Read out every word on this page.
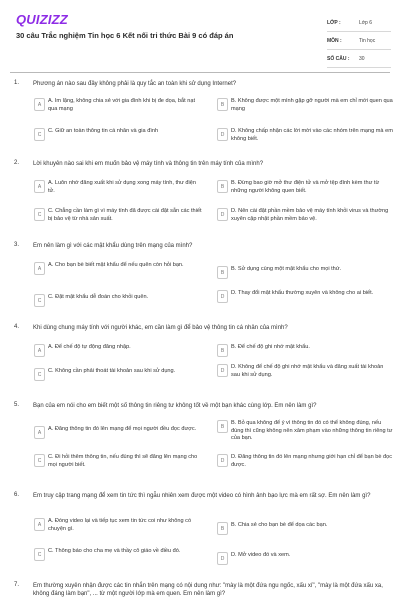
QUIZIZZ
30 câu Trắc nghiệm Tin học 6 Kết nối tri thức Bài 9 có đáp án
LỚP :	Lớp 6
MÔN :	Tin học
SỐ CÂU :	30
1. Phương án nào sau đây không phải là quy tắc an toàn khi sử dụng Internet?
A
A. Im lặng, không chia sẻ với gia đình khi bị đe dọa, bắt nạt qua mạng
B
B. Không được một mình gặp gỡ người mà em chỉ mới quen qua mạng
C
C. Giữ an toàn thông tin cá nhân và gia đình
D
D. Không chấp nhận các lời mời vào các nhóm trên mạng mà em không biết.
2. Lời khuyên nào sai khi em muốn bảo vệ máy tính và thông tin trên máy tính của mình?
A
A. Luôn nhớ đăng xuất khi sử dụng xong máy tính, thư điện tử.
B
B. Đừng bao giờ mở thư điện tử và mở tệp đính kèm thư từ những người không quen biết.
C
C. Chẳng cần làm gì vì máy tính đã được cài đặt sẵn các thiết bị bảo vệ từ nhà sản xuất.
D
D. Nên cài đặt phần mềm bảo vệ máy tính khỏi virus và thường xuyên cập nhật phần mềm bảo vệ.
3. Em nên làm gì với các mật khẩu dùng trên mạng của mình?
A
A. Cho bạn bè biết mật khẩu để nếu quên còn hỏi bạn.
B
B. Sử dụng cùng một mật khẩu cho mọi thứ.
C
C. Đặt mật khẩu dễ đoán cho khỏi quên.	D
D. Thay đổi mật khẩu thường xuyên và không cho ai biết.
4. Khi dùng chung máy tính với người khác, em cần làm gì để bảo vệ thông tin cá nhân của mình?
A
A. Để chế độ tự động đăng nhập.
B
B. Để chế độ ghi nhớ mật khẩu.
C
C. Không cần phải thoát tài khoản sau khi sử dụng.	D
D. Không để chế độ ghi nhớ mật khẩu và đăng xuất tài khoản sau khi sử dụng.
5. Bạn của em nói cho em biết một số thông tin riêng tư không tốt về một bạn khác cùng lớp. Em nên làm gì?
A
A. Đăng thông tin đó lên mạng để mọi người đều đọc được.	B
B. Bỏ qua không để ý vì thông tin đó có thể không đúng, nếu đúng thì cũng không nên xâm phạm vào những thông tin riêng tư của bạn.
C
C. Đi hỏi thêm thông tin, nếu đúng thì sẽ đăng lên mạng cho mọi người biết.
D
D. Đăng thông tin đó lên mạng nhưng giới hạn chỉ để bạn bè đọc được.
6. Em truy cập trang mạng để xem tin tức thì ngẫu nhiên xem được một video có hình ảnh bạo lực mà em rất sợ. Em nên làm gì?
A
A. Đóng video lại và tiếp tục xem tin tức coi như không có chuyện gì.	B
B. Chia sẻ cho bạn bè để dọa các bạn.
C
C. Thông báo cho cha mẹ và thầy cô giáo về điều đó.
D
D. Mở video đó và xem.
7. Em thường xuyên nhận được các tin nhắn trên mạng có nội dung như: "mày là một đứa ngu ngốc, xấu xí", "mày là một đứa xấu xa, không đáng làm bạn", ... từ một người lớp mà em quen. Em nên làm gì?
